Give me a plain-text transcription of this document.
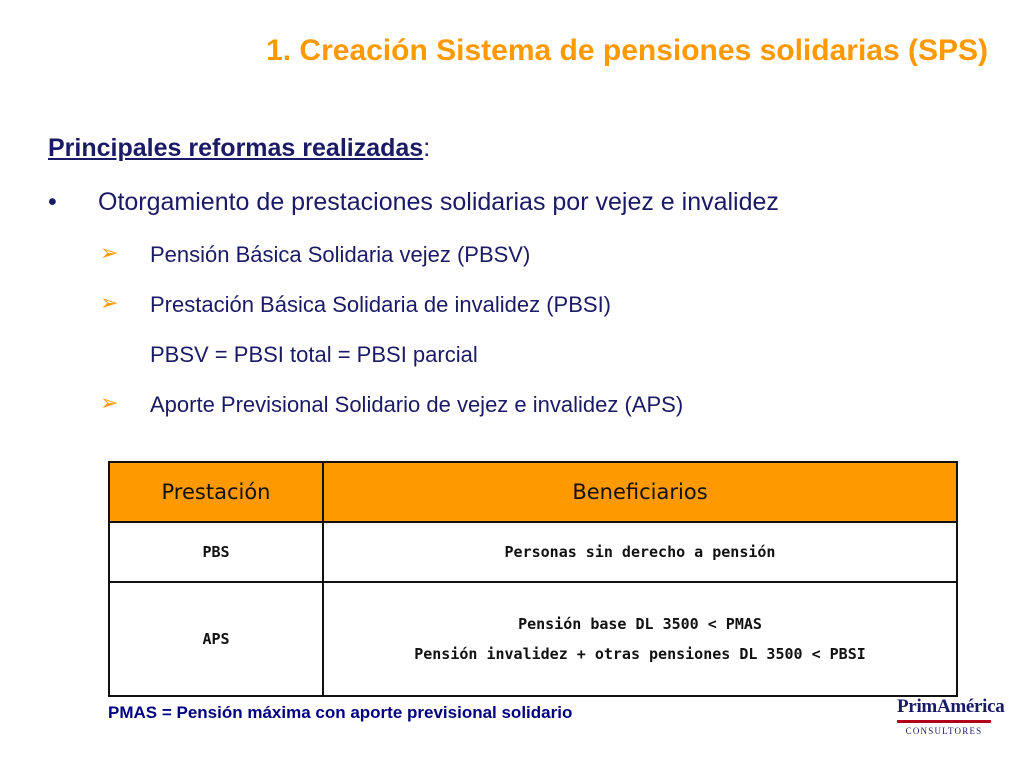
1. Creación Sistema de pensiones solidarias (SPS)
Principales reformas realizadas:
• Otorgamiento de prestaciones solidarias por vejez e invalidez
➢ Pensión Básica Solidaria vejez (PBSV)
➢ Prestación Básica Solidaria de invalidez (PBSI)
PBSV = PBSI total = PBSI parcial
➢ Aporte Previsional Solidario de vejez e invalidez (APS)
Prestación	Beneficiarios
PBS	Personas sin derecho a pensión
APS	Pensión base DL 3500 < PMAS
Pensión invalidez + otras pensiones DL 3500 < PBSI
PMAS = Pensión máxima con aporte previsional solidario	PrimAmérica
CONSULTORES
